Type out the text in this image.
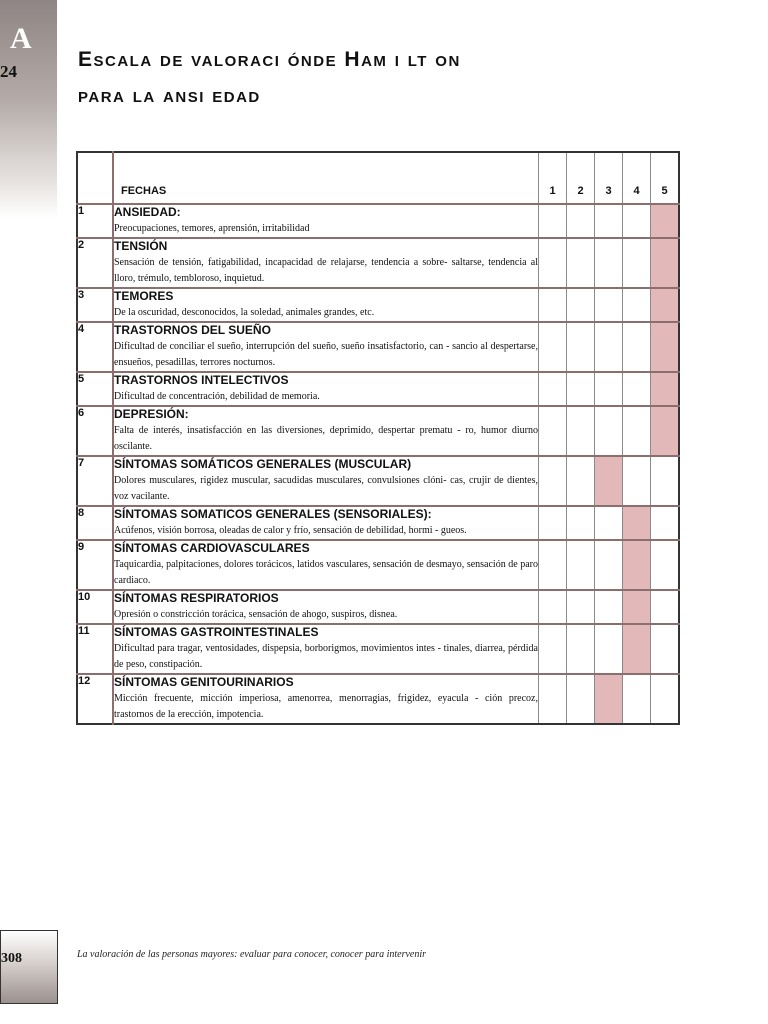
A
24
Escala de valoraci ónde Ham i lt on
para la ansi edad
	FECHAS	1	2	3	4	5
1	ANSIEDAD:
Preocupaciones, temores, aprensión, irritabilidad					

2	TENSIÓN
Sensación de tensión, fatigabilidad, incapacidad de relajarse, tendencia a sobre- saltarse, tendencia al lloro, trémulo, tembloroso, inquietud.					

3	TEMORES
De la oscuridad, desconocidos, la soledad, animales grandes, etc.					

4	TRASTORNOS DEL SUEÑO
Dificultad de conciliar el sueño, interrupción del sueño, sueño insatisfactorio, can - sancio al despertarse, ensueños, pesadillas, terrores nocturnos.					

5	TRASTORNOS INTELECTIVOS
Dificultad de concentración, debilidad de memoria.					

6	DEPRESIÓN:
Falta de interés, insatisfacción en las diversiones, deprimido, despertar prematu - ro, humor diurno oscilante.					

7	SÍNTOMAS SOMÁTICOS GENERALES (MUSCULAR)
Dolores musculares, rigidez muscular, sacudidas musculares, convulsiones clóni- cas, crujir de dientes, voz vacilante.					

8	SÍNTOMAS SOMATICOS GENERALES (SENSORIALES):
Acúfenos, visión borrosa, oleadas de calor y frío, sensación de debilidad, hormi - gueos.					

9	SÍNTOMAS CARDIOVASCULARES
Taquicardia, palpitaciones, dolores torácicos, latidos vasculares, sensación de desmayo, sensación de paro cardiaco.					

10	SÍNTOMAS RESPIRATORIOS
Opresión o constricción torácica, sensación de ahogo, suspiros, disnea.					

11	SÍNTOMAS GASTROINTESTINALES
Dificultad para tragar, ventosidades, dispepsia, borborigmos, movimientos intes - tinales, diarrea, pérdida de peso, constipación.					

12	SÍNTOMAS GENITOURINARIOS
Micción frecuente, micción imperiosa, amenorrea, menorragias, frigidez, eyacula - ción precoz, trastornos de la erección, impotencia.					

308	La valoración de las personas mayores: evaluar para conocer, conocer para intervenir
